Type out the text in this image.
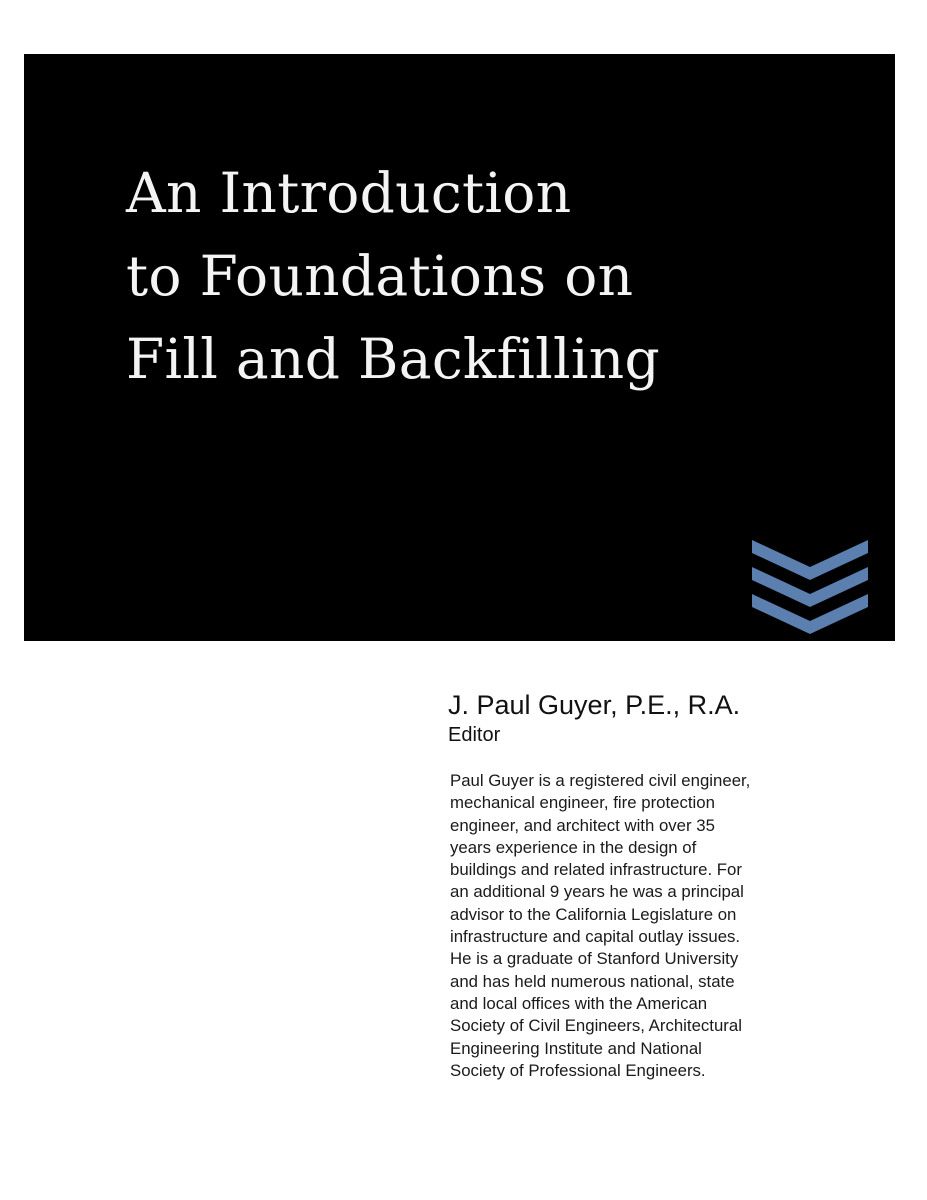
An Introduction
to Foundations on
Fill and Backfilling

J. Paul Guyer, P.E., R.A.

Editor

Paul Guyer is a registered civil engineer,
mechanical engineer, fire protection
engineer, and architect with over 35
years experience in the design of
buildings and related infrastructure. For
an additional 9 years he was a principal
advisor to the California Legislature on
infrastructure and capital outlay issues.
He is a graduate of Stanford University
and has held numerous national, state
and local offices with the American
Society of Civil Engineers, Architectural
Engineering Institute and National
Society of Professional Engineers.
